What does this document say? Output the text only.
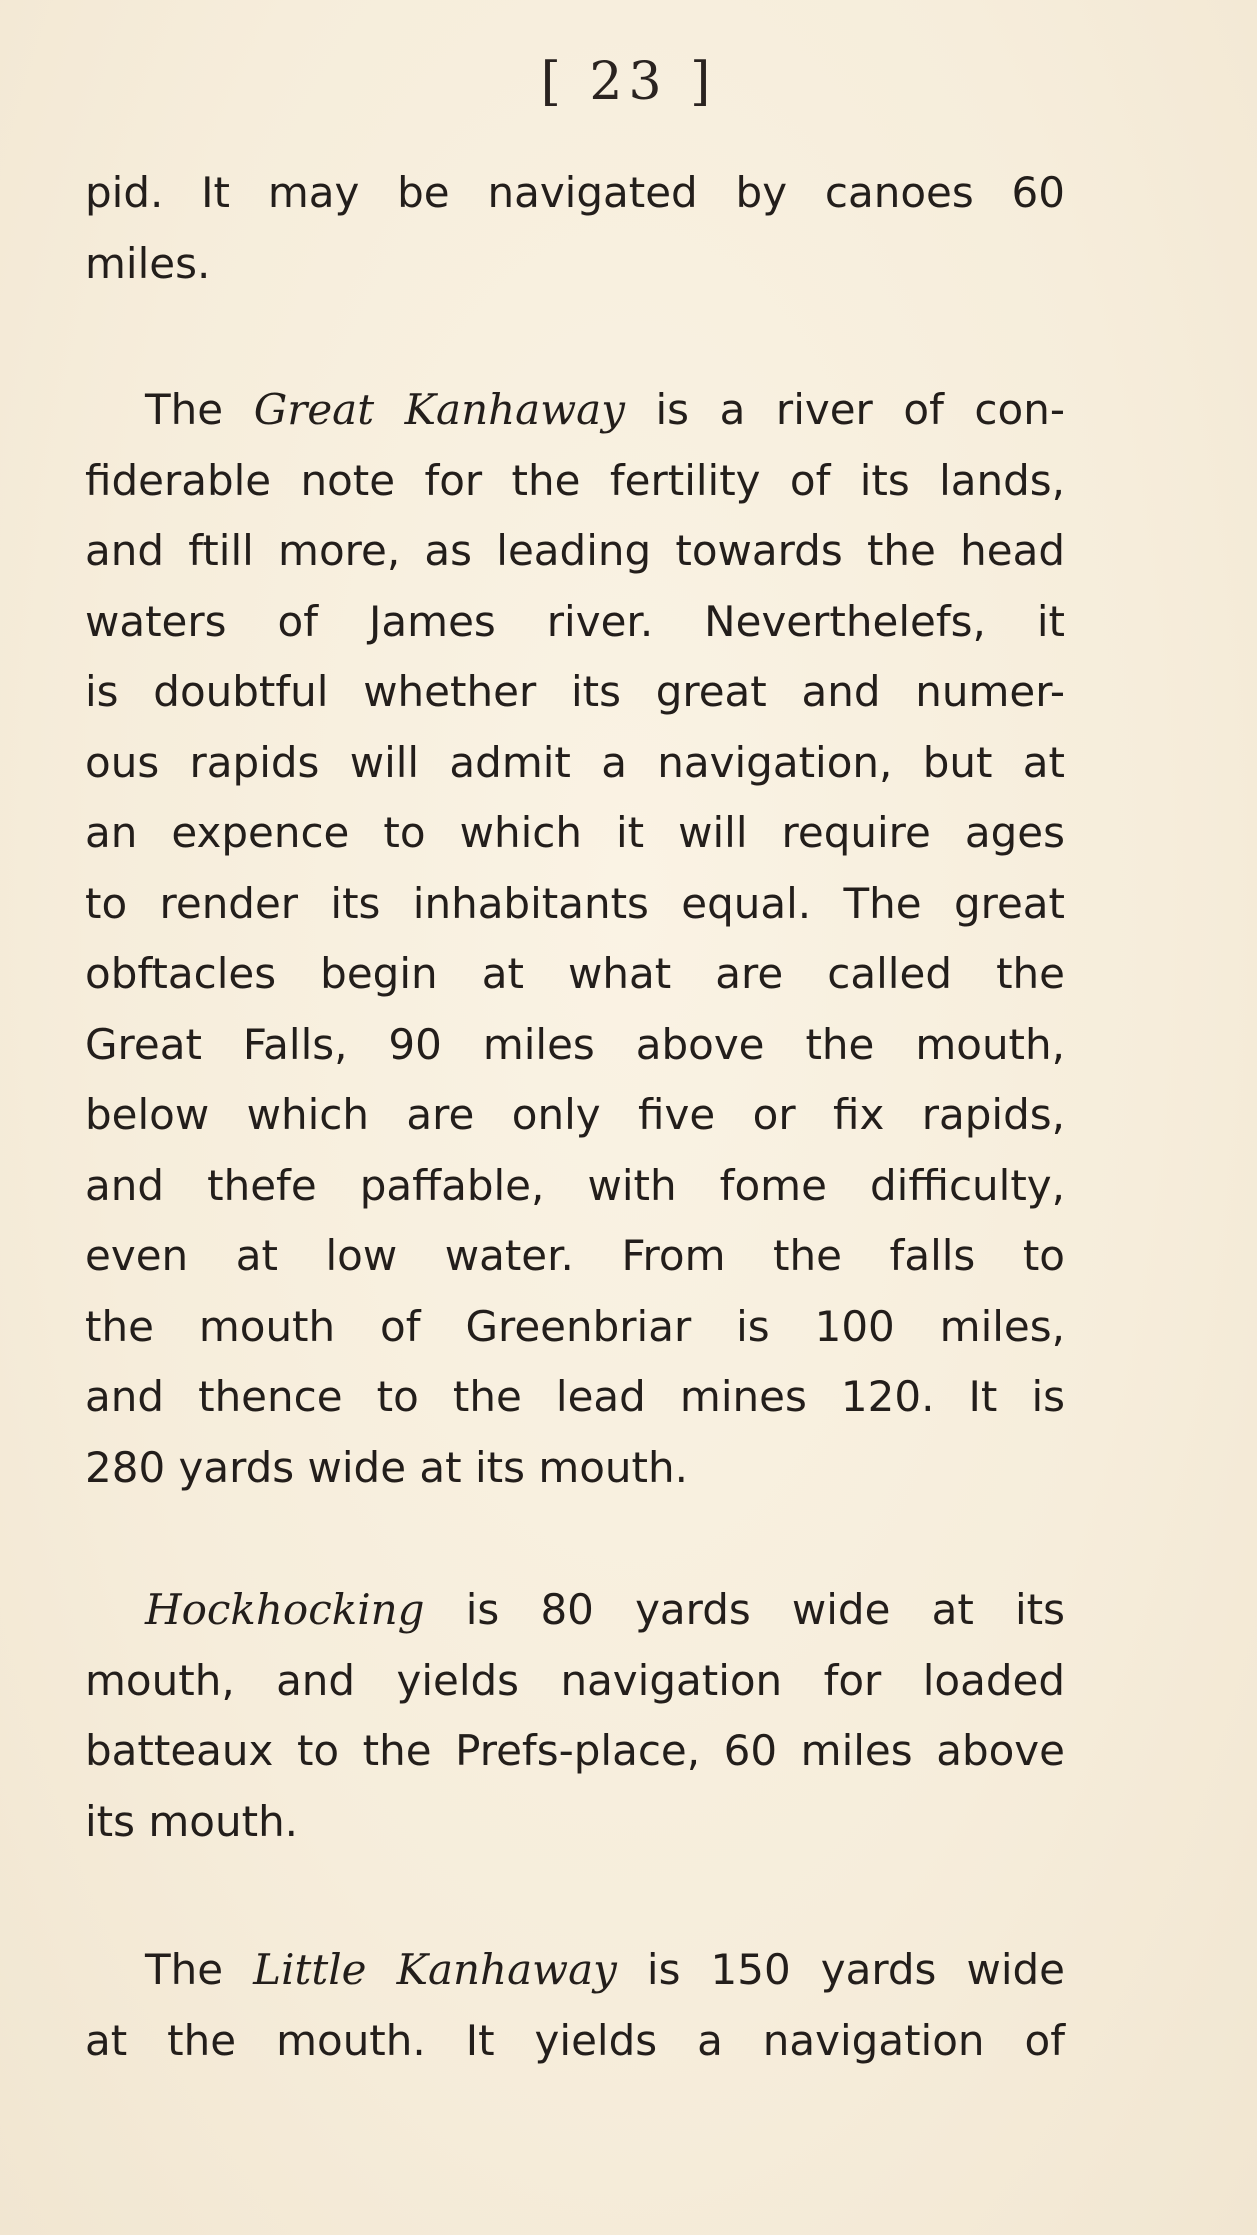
[ 23 ]
pid. It may be navigated by canoes 60
miles.
The Great Kanhaway is a river of con-
fiderable note for the fertility of its lands,
and ftill more, as leading towards the head
waters of James river. Neverthelefs, it
is doubtful whether its great and numer-
ous rapids will admit a navigation, but at
an expence to which it will require ages
to render its inhabitants equal. The great
obftacles begin at what are called the
Great Falls, 90 miles above the mouth,
below which are only five or fix rapids,
and thefe paffable, with fome difficulty,
even at low water. From the falls to
the mouth of Greenbriar is 100 miles,
and thence to the lead mines 120. It is
280 yards wide at its mouth.
Hockhocking is 80 yards wide at its
mouth, and yields navigation for loaded
batteaux to the Prefs-place, 60 miles above
its mouth.
The Little Kanhaway is 150 yards wide
at the mouth. It yields a navigation of
